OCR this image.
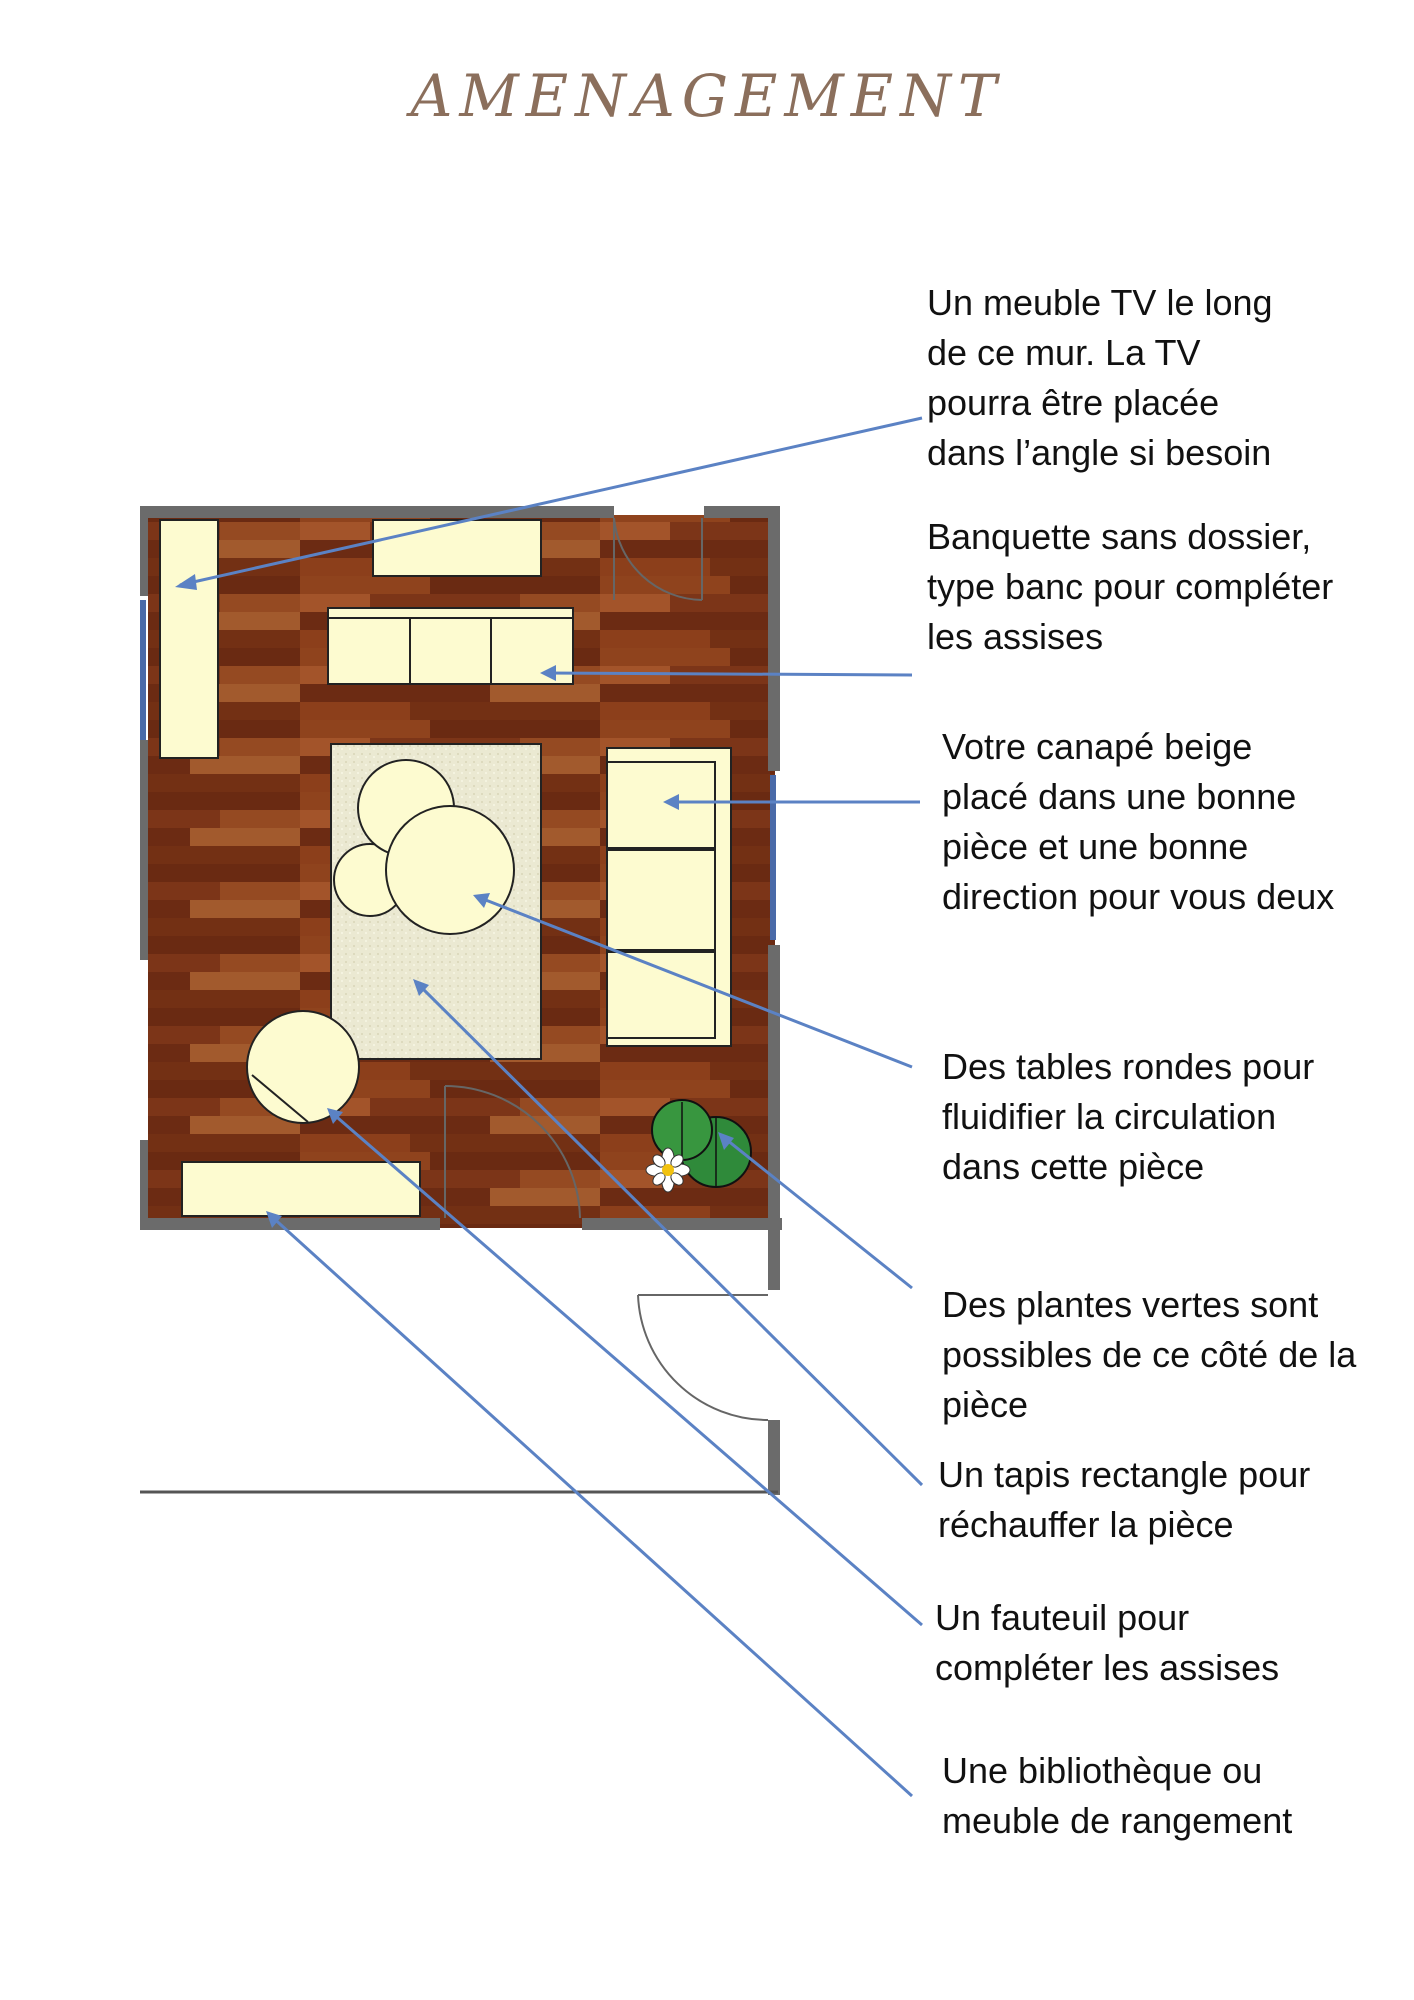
AMENAGEMENT
Un meuble TV le long de ce mur. La TV pourra être placée dans l’angle si besoin
Banquette sans dossier, type banc pour compléter les assises
Votre canapé beige placé dans une bonne pièce et une bonne direction pour vous deux
Des tables rondes pour fluidifier la circulation dans cette pièce
Des plantes vertes sont possibles de ce côté de la pièce
Un tapis rectangle pour réchauffer la pièce
Un fauteuil pour compléter les assises
Une bibliothèque ou meuble de rangement
